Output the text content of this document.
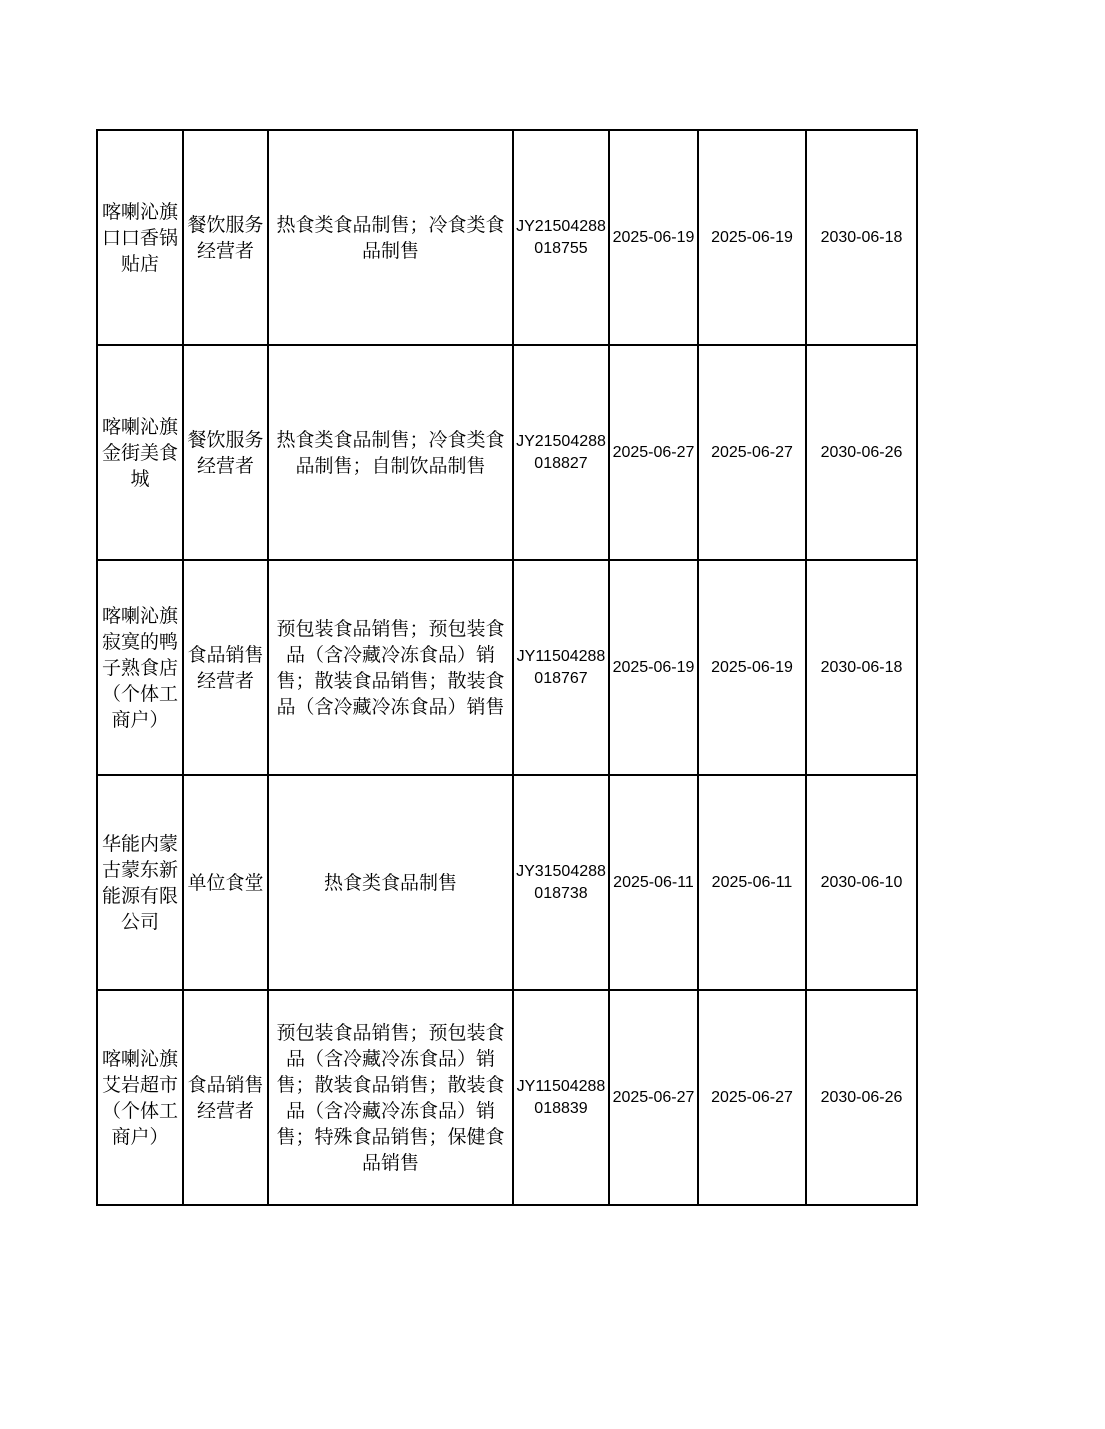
喀喇沁旗口口香锅贴店	餐饮服务经营者	热食类食品制售；冷食类食品制售	JY21504288018755	2025-06-19	2025-06-19	2030-06-18

喀喇沁旗金街美食城	餐饮服务经营者	热食类食品制售；冷食类食品制售；自制饮品制售	JY21504288018827	2025-06-27	2025-06-27	2030-06-26

喀喇沁旗寂寞的鸭子熟食店（个体工商户）	食品销售经营者	预包装食品销售；预包装食品（含冷藏冷冻食品）销售；散装食品销售；散装食品（含冷藏冷冻食品）销售	JY11504288018767	2025-06-19	2025-06-19	2030-06-18

华能内蒙古蒙东新能源有限公司	单位食堂	热食类食品制售	JY31504288018738	2025-06-11	2025-06-11	2030-06-10

喀喇沁旗艾岩超市（个体工商户）	食品销售经营者	预包装食品销售；预包装食品（含冷藏冷冻食品）销售；散装食品销售；散装食品（含冷藏冷冻食品）销售；特殊食品销售；保健食品销售	JY11504288018839	2025-06-27	2025-06-27	2030-06-26
